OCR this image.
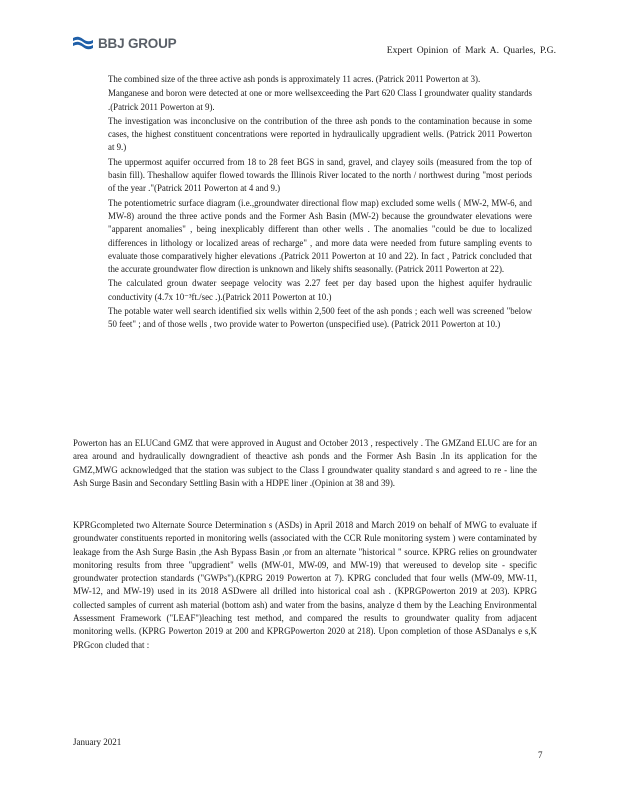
BBJ GROUP	Expert Opinion of Mark A. Quarles, P.G.
The combined size of the three active ash ponds is approximately 11 acres. (Patrick 2011 Powerton at 3).
Manganese and boron were detected at one or more wellsexceeding the Part 620 Class I groundwater quality standards .(Patrick 2011 Powerton at 9).
The investigation was inconclusive on the contribution of the three ash ponds to the contamination because in some cases, the highest constituent concentrations were reported in hydraulically upgradient wells. (Patrick 2011 Powerton at 9.)
The uppermost aquifer occurred from 18 to 28 feet BGS in sand, gravel, and clayey soils (measured from the top of basin fill). Theshallow aquifer flowed towards the Illinois River located to the north / northwest during "most periods of the year ."(Patrick 2011 Powerton at 4 and 9.)
The potentiometric surface diagram (i.e.,groundwater directional flow map) excluded some wells ( MW-2, MW-6, and MW-8) around the three active ponds and the Former Ash Basin (MW-2) because the groundwater elevations were "apparent anomalies" , being inexplicably different than other wells . The anomalies "could be due to localized differences in lithology or localized areas of recharge" , and more data were needed from future sampling events to evaluate those comparatively higher elevations .(Patrick 2011 Powerton at 10 and 22). In fact , Patrick concluded that the accurate groundwater flow direction is unknown and likely shifts seasonally. (Patrick 2011 Powerton at 22).
The calculated groun dwater seepage velocity was 2.27 feet per day based upon the highest aquifer hydraulic conductivity (4.7x 10⁻³ft./sec .).(Patrick 2011 Powerton at 10.)
The potable water well search identified six wells within 2,500 feet of the ash ponds ; each well was screened "below 50 feet" ; and of those wells , two provide water to Powerton (unspecified use). (Patrick 2011 Powerton at 10.)

Powerton has an ELUCand GMZ that were approved in August and October 2013 , respectively . The GMZand ELUC are for an area around and hydraulically downgradient of theactive ash ponds and the Former Ash Basin .In its application for the GMZ,MWG acknowledged that the station was subject to the Class I groundwater quality standard s and agreed to re - line the Ash Surge Basin and Secondary Settling Basin with a HDPE liner .(Opinion at 38 and 39).

KPRGcompleted two Alternate Source Determination s (ASDs) in April 2018 and March 2019 on behalf of MWG to evaluate if groundwater constituents reported in monitoring wells (associated with the CCR Rule monitoring system ) were contaminated by leakage from the Ash Surge Basin ,the Ash Bypass Basin ,or from an alternate "historical " source. KPRG relies on groundwater monitoring results from three "upgradient" wells (MW-01, MW-09, and MW-19) that wereused to develop site - specific groundwater protection standards ("GWPs").(KPRG 2019 Powerton at 7). KPRG concluded that four wells (MW-09, MW-11, MW-12, and MW-19) used in its 2018 ASDwere all drilled into historical coal ash . (KPRGPowerton 2019 at 203). KPRG collected samples of current ash material (bottom ash) and water from the basins, analyze d them by the Leaching Environmental Assessment Framework ("LEAF")leaching test method, and compared the results to groundwater quality from adjacent monitoring wells. (KPRG Powerton 2019 at 200 and KPRGPowerton 2020 at 218). Upon completion of those ASDanalys e s,K PRGcon cluded that :

January 2021
7
